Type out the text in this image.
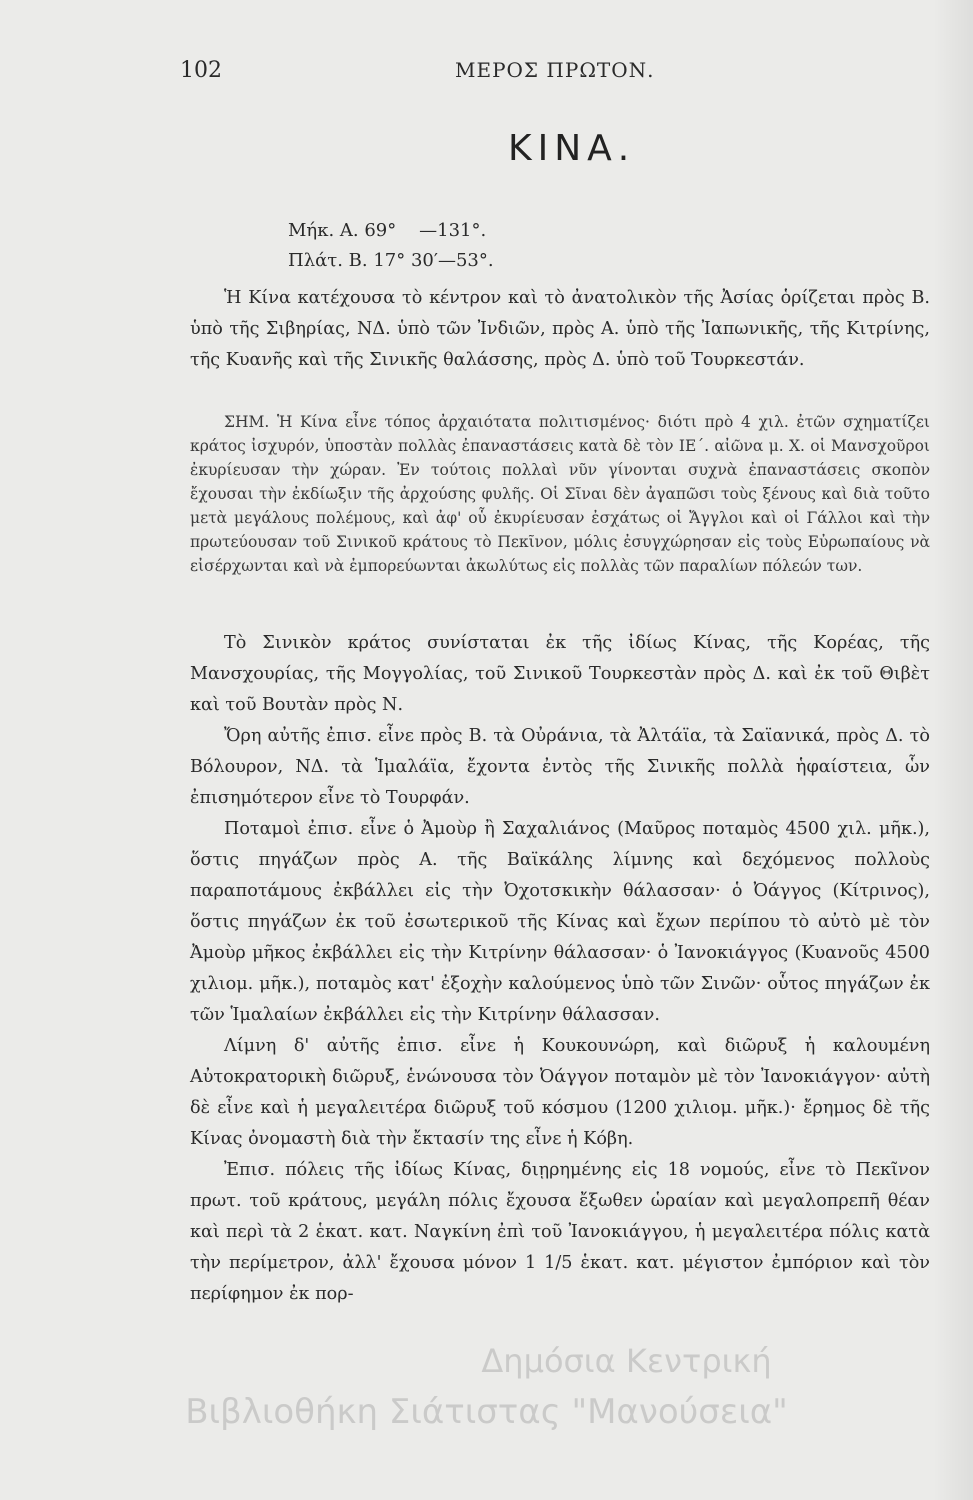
102	ΜΕΡΟΣ ΠΡΩΤΟΝ.
ΚΙΝΑ.
Μήκ. Α. 69°    —131°.
Πλάτ. Β. 17° 30′—53°.

Ἡ Κίνα κατέχουσα τὸ κέντρον καὶ τὸ ἀνατολικὸν τῆς Ἀσίας ὁρίζεται πρὸς Β. ὑπὸ τῆς Σιβηρίας, ΝΔ. ὑπὸ τῶν Ἰνδιῶν, πρὸς Α. ὑπὸ τῆς Ἰαπωνικῆς, τῆς Κιτρίνης, τῆς Κυανῆς καὶ τῆς Σινικῆς θαλάσσης, πρὸς Δ. ὑπὸ τοῦ Τουρκεστάν.

ΣΗΜ. Ἡ Κίνα εἶνε τόπος ἀρχαιότατα πολιτισμένος· διότι πρὸ 4 χιλ. ἐτῶν σχηματίζει κράτος ἰσχυρόν, ὑποστὰν πολλὰς ἐπαναστάσεις κατὰ δὲ τὸν ΙΕ΄. αἰῶνα μ. Χ. οἱ Μανσχοῦροι ἐκυρίευσαν τὴν χώραν. Ἐν τούτοις πολλαὶ νῦν γίνονται συχνὰ ἐπαναστάσεις σκοπὸν ἔχουσαι τὴν ἐκδίωξιν τῆς ἀρχούσης φυλῆς. Οἱ Σῖναι δὲν ἀγαπῶσι τοὺς ξένους καὶ διὰ τοῦτο μετὰ μεγάλους πολέμους, καὶ ἀφ' οὗ ἐκυρίευσαν ἐσχάτως οἱ Ἄγγλοι καὶ οἱ Γάλλοι καὶ τὴν πρωτεύουσαν τοῦ Σινικοῦ κράτους τὸ Πεκῖνον, μόλις ἐσυγχώρησαν εἰς τοὺς Εὐρωπαίους νὰ εἰσέρχωνται καὶ νὰ ἐμπορεύωνται ἀκωλύτως εἰς πολλὰς τῶν παραλίων πόλεών των.

Τὸ Σινικὸν κράτος συνίσταται ἐκ τῆς ἰδίως Κίνας, τῆς Κορέας, τῆς Μανσχουρίας, τῆς Μογγολίας, τοῦ Σινικοῦ Τουρκεστὰν πρὸς Δ. καὶ ἐκ τοῦ Θιβὲτ καὶ τοῦ Βουτὰν πρὸς Ν.

Ὄρη αὐτῆς ἐπισ. εἶνε πρὸς Β. τὰ Οὐράνια, τὰ Ἀλτάϊα, τὰ Σαϊανικά, πρὸς Δ. τὸ Βόλουρον, ΝΔ. τὰ Ἱμαλάϊα, ἔχοντα ἐντὸς τῆς Σινικῆς πολλὰ ἡφαίστεια, ὧν ἐπισημότερον εἶνε τὸ Τουρφάν.

Ποταμοὶ ἐπισ. εἶνε ὁ Ἀμοὺρ ἢ Σαχαλιάνος (Μαῦρος ποταμὸς 4500 χιλ. μῆκ.), ὅστις πηγάζων πρὸς Α. τῆς Βαϊκάλης λίμνης καὶ δεχόμενος πολλοὺς παραποτάμους ἐκβάλλει εἰς τὴν Ὀχοτσκικὴν θάλασσαν· ὁ Ὀάγγος (Κίτρινος), ὅστις πηγάζων ἐκ τοῦ ἐσωτερικοῦ τῆς Κίνας καὶ ἔχων περίπου τὸ αὐτὸ μὲ τὸν Ἀμοὺρ μῆκος ἐκβάλλει εἰς τὴν Κιτρίνην θάλασσαν· ὁ Ἰανοκιάγγος (Κυανοῦς 4500 χιλιομ. μῆκ.), ποταμὸς κατ' ἐξοχὴν καλούμενος ὑπὸ τῶν Σινῶν· οὗτος πηγάζων ἐκ τῶν Ἱμαλαίων ἐκβάλλει εἰς τὴν Κιτρίνην θάλασσαν.

Λίμνη δ' αὐτῆς ἐπισ. εἶνε ἡ Κουκουνώρη, καὶ διῶρυξ ἡ καλουμένη Αὐτοκρατορικὴ διῶρυξ, ἑνώνουσα τὸν Ὀάγγον ποταμὸν μὲ τὸν Ἰανοκιάγγον· αὐτὴ δὲ εἶνε καὶ ἡ μεγαλειτέρα διῶρυξ τοῦ κόσμου (1200 χιλιομ. μῆκ.)· ἔρημος δὲ τῆς Κίνας ὀνομαστὴ διὰ τὴν ἔκτασίν της εἶνε ἡ Κόβη.

Ἐπισ. πόλεις τῆς ἰδίως Κίνας, διῃρημένης εἰς 18 νομούς, εἶνε τὸ Πεκῖνον πρωτ. τοῦ κράτους, μεγάλη πόλις ἔχουσα ἔξωθεν ὡραίαν καὶ μεγαλοπρεπῆ θέαν καὶ περὶ τὰ 2 ἑκατ. κατ. Ναγκίνη ἐπὶ τοῦ Ἰανοκιάγγου, ἡ μεγαλειτέρα πόλις κατὰ τὴν περίμετρον, ἀλλ' ἔχουσα μόνον 1 1/5 ἑκατ. κατ. μέγιστον ἐμπόριον καὶ τὸν περίφημον ἐκ πορ-

Δημόσια Κεντρική
Βιβλιοθήκη Σιάτιστας "Μανούσεια"
